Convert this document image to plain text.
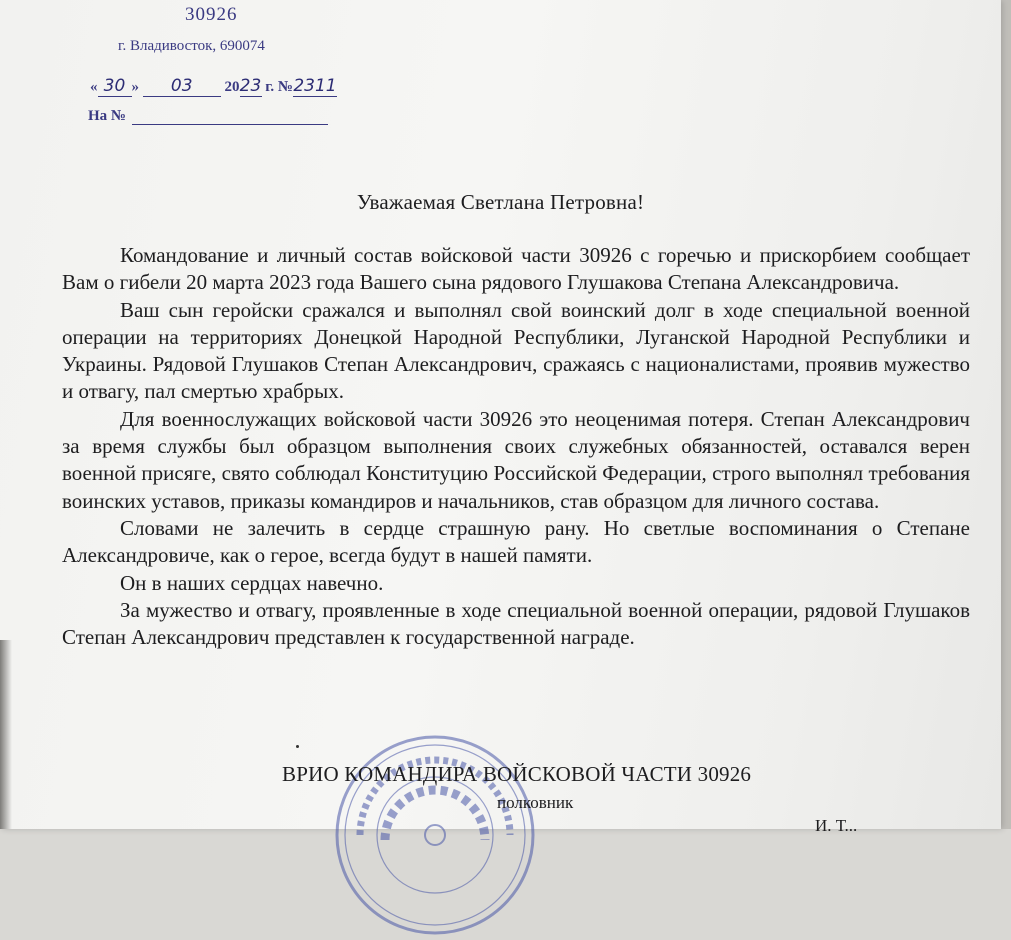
30926
г. Владивосток, 690074
« 30 » 03 2023 г. №2311
На №
Уважаемая Светлана Петровна!

Командование и личный состав войсковой части 30926 с горечью и прискорбием сообщает Вам о гибели 20 марта 2023 года Вашего сына рядового Глушакова Степана Александровича.

Ваш сын геройски сражался и выполнял свой воинский долг в ходе специальной военной операции на территориях Донецкой Народной Республики, Луганской Народной Республики и Украины. Рядовой Глушаков Степан Александрович, сражаясь с националистами, проявив мужество и отвагу, пал смертью храбрых.

Для военнослужащих войсковой части 30926 это неоценимая потеря. Степан Александрович за время службы был образцом выполнения своих служебных обязанностей, оставался верен военной присяге, свято соблюдал Конституцию Российской Федерации, строго выполнял требования воинских уставов, приказы командиров и начальников, став образцом для личного состава.

Словами не залечить в сердце страшную рану. Но светлые воспоминания о Степане Александровиче, как о герое, всегда будут в нашей памяти.

Он в наших сердцах навечно.

За мужество и отвагу, проявленные в ходе специальной военной операции, рядовой Глушаков Степан Александрович представлен к государственной награде.

ВРИО КОМАНДИРА ВОЙСКОВОЙ ЧАСТИ 30926
полковник
И. Т...
